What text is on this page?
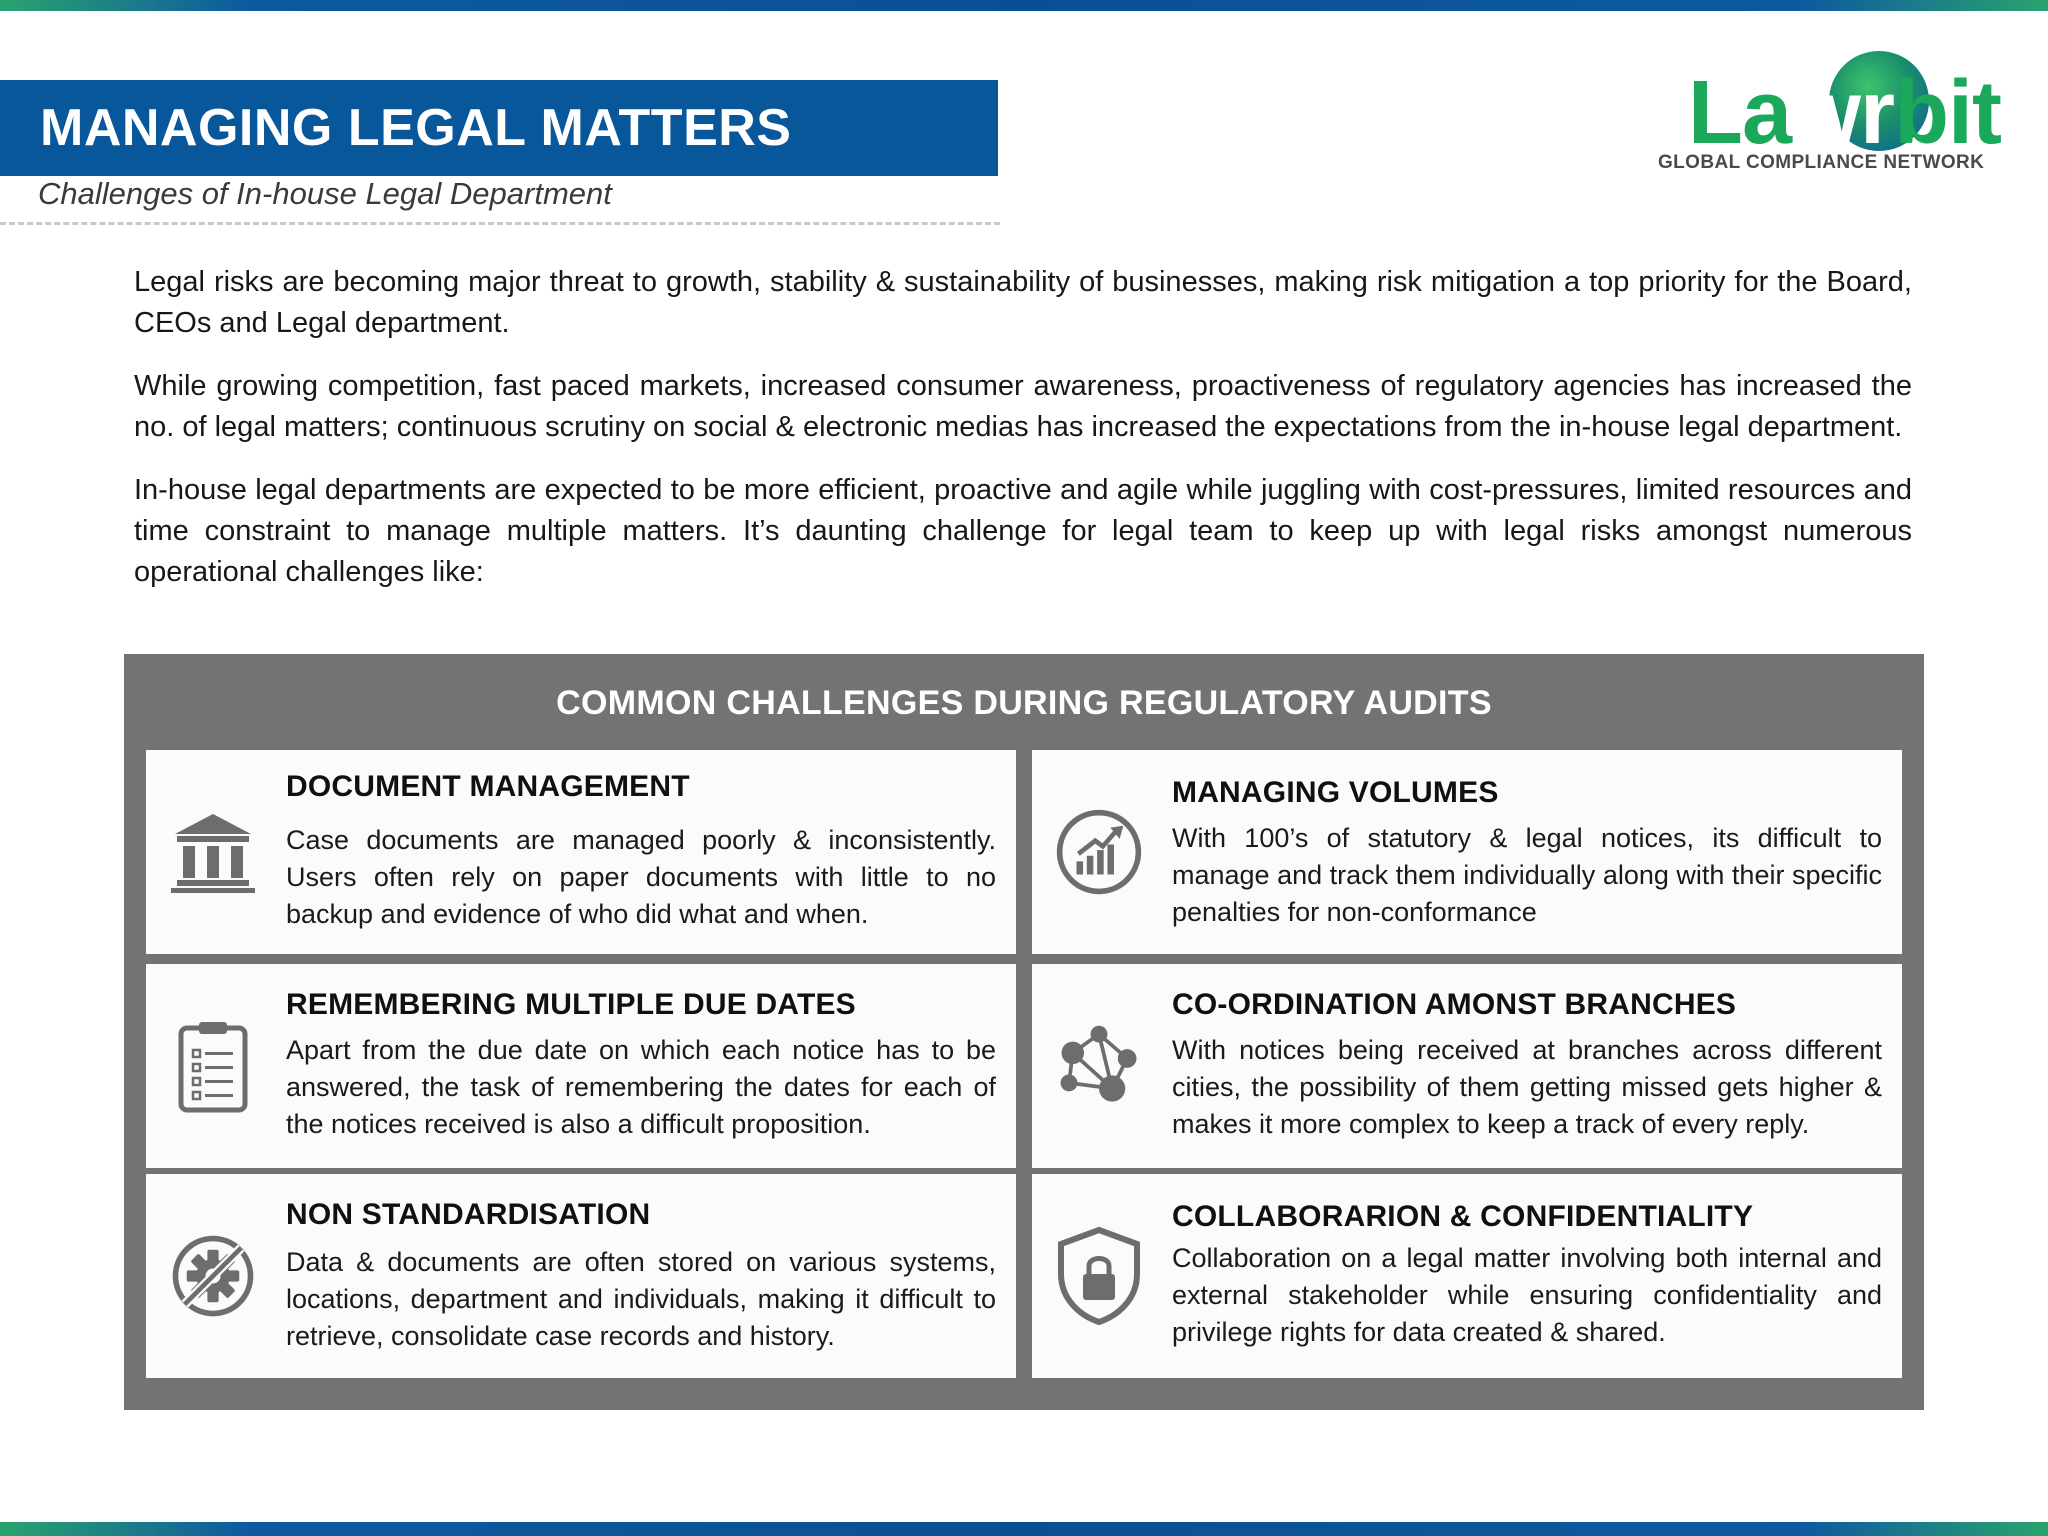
MANAGING LEGAL MATTERS
Challenges of In-house Legal Department
Lawrbit
GLOBAL COMPLIANCE NETWORK

Legal risks are becoming major threat to growth, stability & sustainability of businesses, making risk mitigation a top priority for the Board, CEOs and Legal department.

While growing competition, fast paced markets, increased consumer awareness, proactiveness of regulatory agencies has increased the no. of legal matters; continuous scrutiny on social & electronic medias has increased the expectations from the in-house legal department.

In-house legal departments are expected to be more efficient, proactive and agile while juggling with cost-pressures, limited resources and time constraint to manage multiple matters. It’s daunting challenge for legal team to keep up with legal risks amongst numerous operational challenges like:

COMMON CHALLENGES DURING REGULATORY AUDITS
DOCUMENT MANAGEMENT

Case documents are managed poorly & inconsistently. Users often rely on paper documents with little to no backup and evidence of who did what and when.

MANAGING VOLUMES

With 100’s of statutory & legal notices, its difficult to manage and track them individually along with their specific penalties for non-conformance

REMEMBERING MULTIPLE DUE DATES

Apart from the due date on which each notice has to be answered, the task of remembering the dates for each of the notices received is also a difficult proposition.

CO-ORDINATION AMONST BRANCHES

With notices being received at branches across different cities, the possibility of them getting missed gets higher & makes it more complex to keep a track of every reply.

NON STANDARDISATION

Data & documents are often stored on various systems, locations, department and individuals, making it difficult to retrieve, consolidate case records and history.

COLLABORARION & CONFIDENTIALITY

Collaboration on a legal matter involving both internal and external stakeholder while ensuring confidentiality and privilege rights for data created & shared.
